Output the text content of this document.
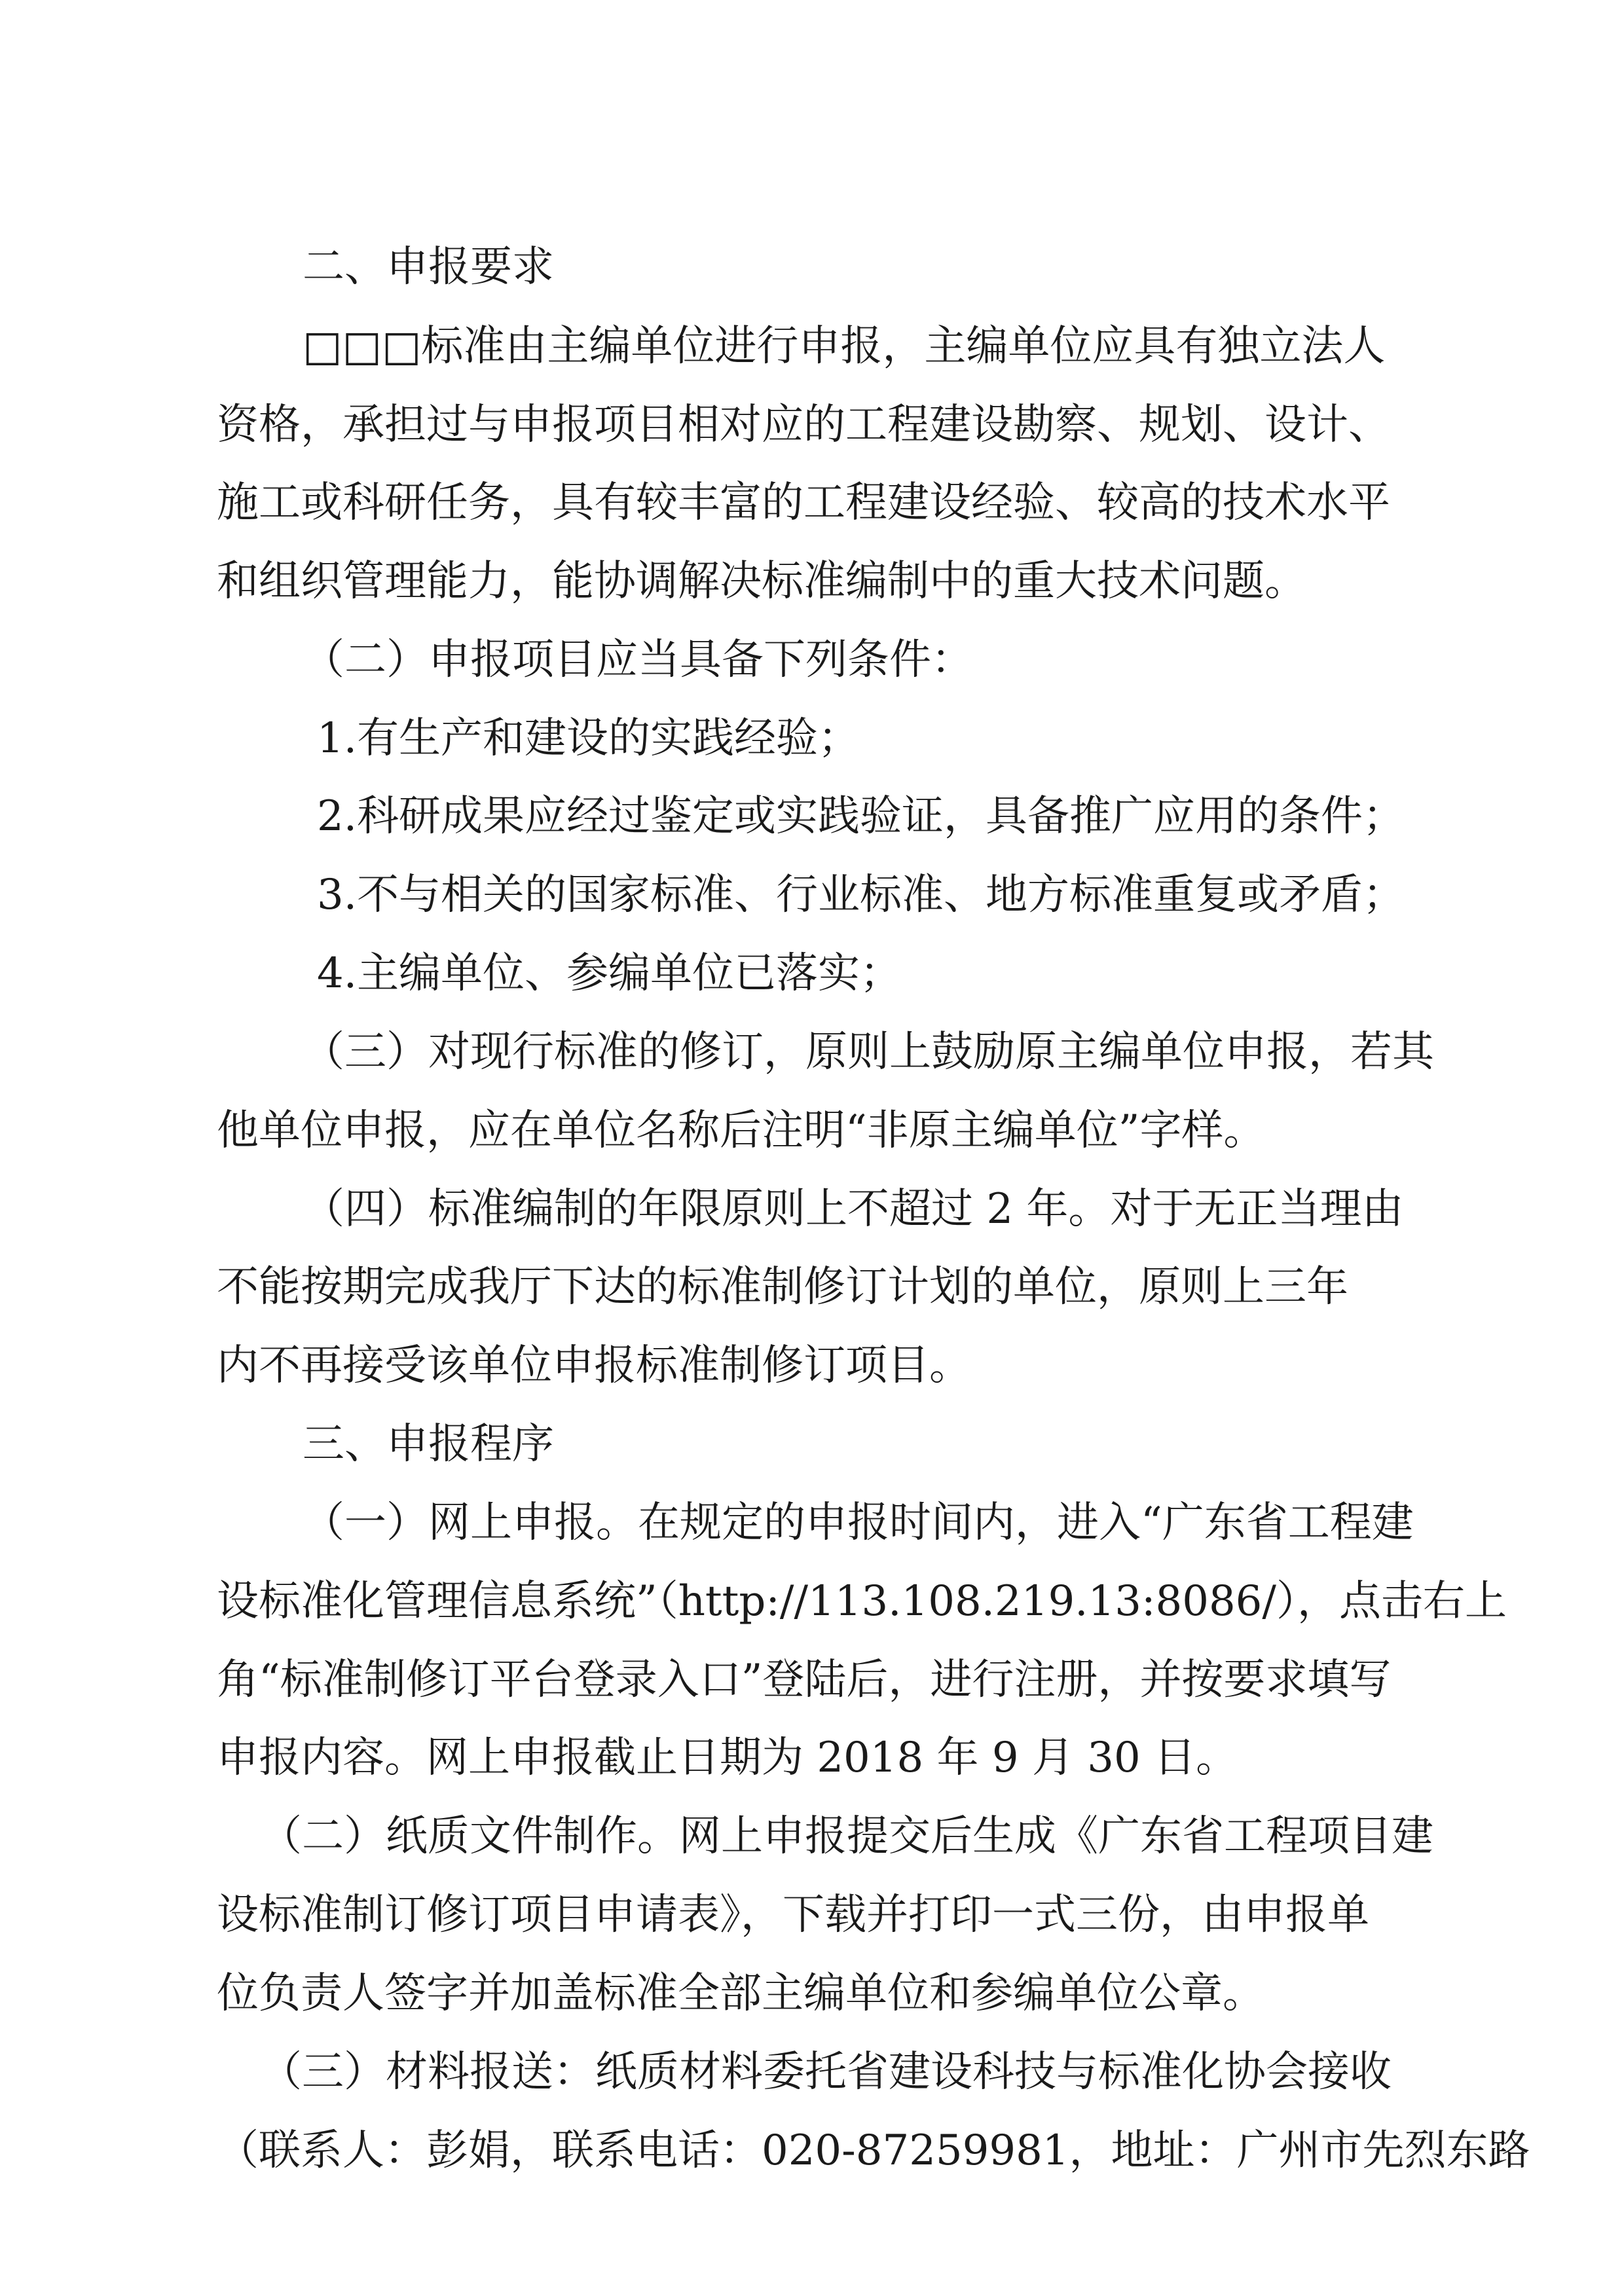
二、申报要求

□□□标准由主编单位进行申报，主编单位应具有独立法人

资格，承担过与申报项目相对应的工程建设勘察、规划、设计、

施工或科研任务，具有较丰富的工程建设经验、较高的技术水平

和组织管理能力，能协调解决标准编制中的重大技术问题。

（二）申报项目应当具备下列条件：

1.有生产和建设的实践经验；

2.科研成果应经过鉴定或实践验证，具备推广应用的条件；

3.不与相关的国家标准、行业标准、地方标准重复或矛盾；

4.主编单位、参编单位已落实；

（三）对现行标准的修订，原则上鼓励原主编单位申报，若其

他单位申报，应在单位名称后注明“非原主编单位”字样。

（四）标准编制的年限原则上不超过 2 年。对于无正当理由

不能按期完成我厅下达的标准制修订计划的单位，原则上三年

内不再接受该单位申报标准制修订项目。

三、申报程序

（一）网上申报。在规定的申报时间内，进入“广东省工程建

设标准化管理信息系统”（http://113.108.219.13:8086/），点击右上

角“标准制修订平台登录入口”登陆后，进行注册，并按要求填写

申报内容。网上申报截止日期为 2018 年 9 月 30 日。

（二）纸质文件制作。网上申报提交后生成《广东省工程项目建

设标准制订修订项目申请表》，下载并打印一式三份，由申报单

位负责人签字并加盖标准全部主编单位和参编单位公章。

（三）材料报送：纸质材料委托省建设科技与标准化协会接收

（联系人：彭娟，联系电话：020-87259981，地址：广州市先烈东路
